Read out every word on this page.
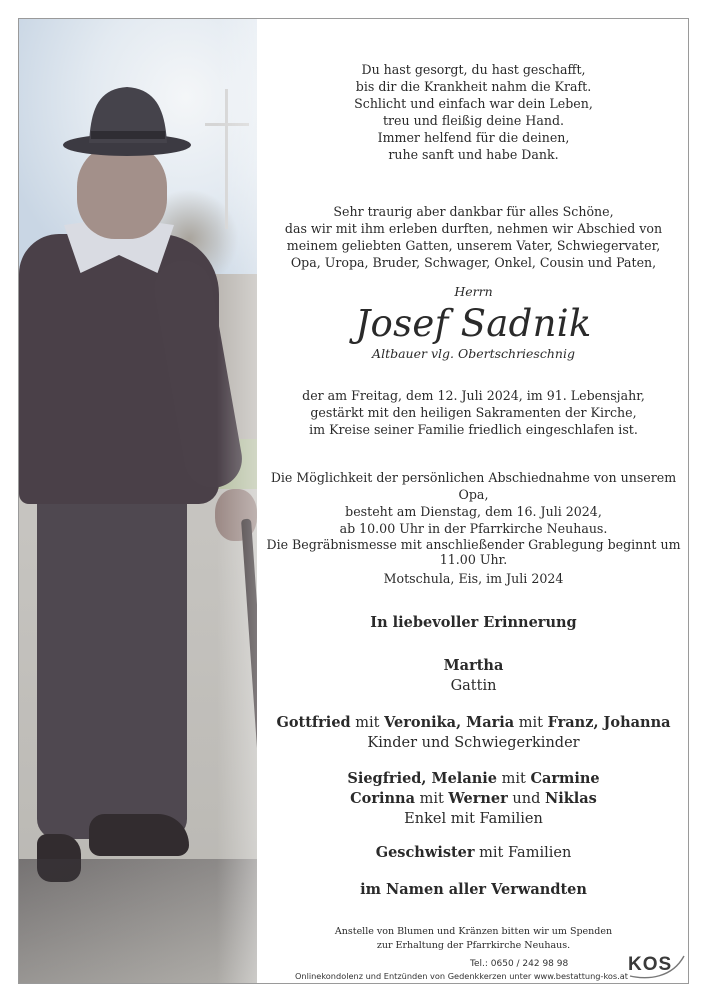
Du hast gesorgt, du hast geschafft,
bis dir die Krankheit nahm die Kraft.
Schlicht und einfach war dein Leben,
treu und fleißig deine Hand.
Immer helfend für die deinen,
ruhe sanft und habe Dank.
Sehr traurig aber dankbar für alles Schöne,
das wir mit ihm erleben durften, nehmen wir Abschied von
meinem geliebten Gatten, unserem Vater, Schwiegervater,
Opa, Uropa, Bruder, Schwager, Onkel, Cousin und Paten,
Herrn
Josef Sadnik
Altbauer vlg. Obertschrieschnig
der am Freitag, dem 12. Juli 2024, im 91. Lebensjahr,
gestärkt mit den heiligen Sakramenten der Kirche,
im Kreise seiner Familie friedlich eingeschlafen ist.
Die Möglichkeit der persönlichen Abschiednahme von unserem Opa,
besteht am Dienstag, dem 16. Juli 2024,
ab 10.00 Uhr in der Pfarrkirche Neuhaus.
Die Begräbnismesse mit anschließender Grablegung beginnt um 11.00 Uhr.
Motschula, Eis, im Juli 2024
In liebevoller Erinnerung
Martha
Gattin
Gottfried mit Veronika, Maria mit Franz, Johanna
Kinder und Schwiegerkinder
Siegfried, Melanie mit Carmine
Corinna mit Werner und Niklas
Enkel mit Familien
Geschwister mit Familien
im Namen aller Verwandten
Anstelle von Blumen und Kränzen bitten wir um Spenden
zur Erhaltung der Pfarrkirche Neuhaus.
Tel.: 0650 / 242 98 98
Onlinekondolenz und Entzünden von Gedenkkerzen unter www.bestattung-kos.at
KOS
